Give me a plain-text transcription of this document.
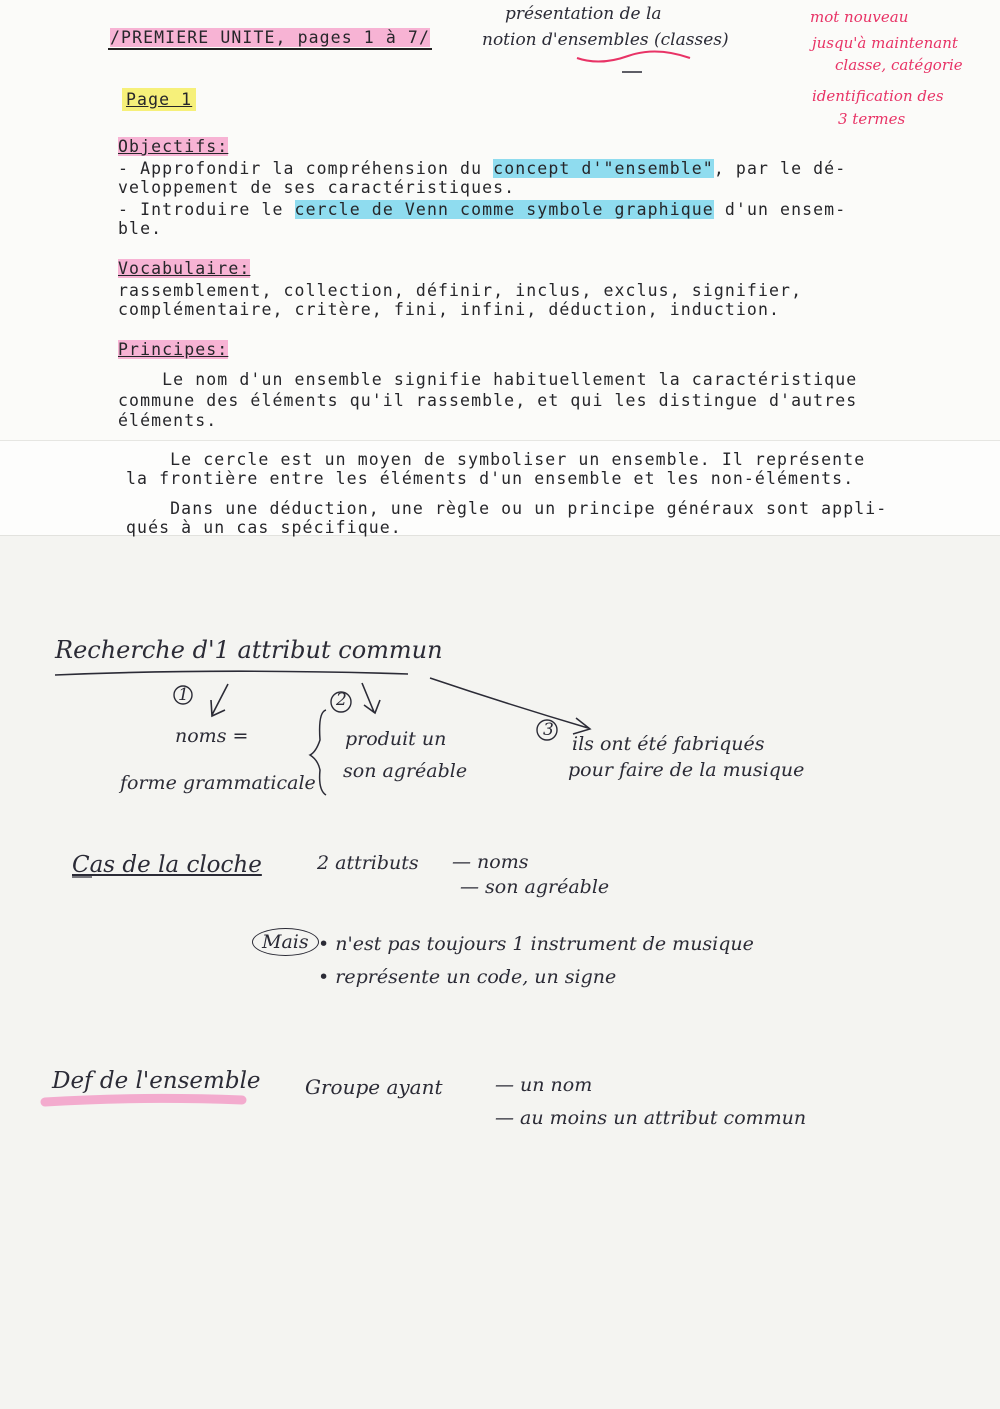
/PREMIERE UNITE, pages 1 à 7/
Page 1
présentation de la
notion d'ensembles (classes)
mot nouveau
jusqu'à maintenant
classe, catégorie
identification des
3 termes
Objectifs:
- Approfondir la compréhension du concept d'"ensemble", par le dé-
veloppement de ses caractéristiques.
- Introduire le cercle de Venn comme symbole graphique d'un ensem-
ble.
Vocabulaire:
rassemblement, collection, définir, inclus, exclus, signifier,
complémentaire, critère, fini, infini, déduction, induction.
Principes:
Le nom d'un ensemble signifie habituellement la caractéristique
commune des éléments qu'il rassemble, et qui les distingue d'autres
éléments.
Le cercle est un moyen de symboliser un ensemble. Il représente
la frontière entre les éléments d'un ensemble et les non-éléments.
Dans une déduction, une règle ou un principe généraux sont appli-
qués à un cas spécifique.
Recherche d'1 attribut commun
1
noms =
forme grammaticale
2
produit un
son agréable
3
ils ont été fabriqués
pour faire de la musique
Cas de la cloche	2 attributs — noms
— son agréable
Mais • n'est pas toujours 1 instrument de musique
• représente un code, un signe
Def de l'ensemble Groupe ayant	— un nom
— au moins un attribut commun
